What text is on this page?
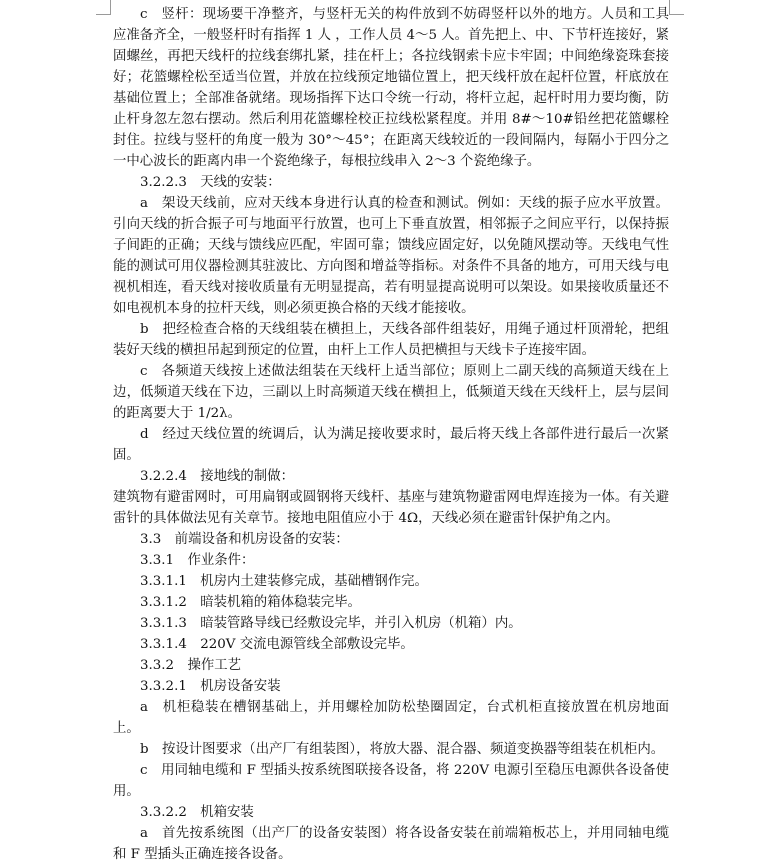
c　竖杆：现场要干净整齐，与竖杆无关的构件放到不妨碍竖杆以外的地方。人员和工具应准备齐全，一般竖杆时有指挥 1 人 ，工作人员 4～5 人。首先把上、中、下节杆连接好，紧固螺丝，再把天线杆的拉线套绑扎紧，挂在杆上；各拉线钢索卡应卡牢固；中间绝缘瓷珠套接好；花篮螺栓松至适当位置，并放在拉线预定地锚位置上，把天线杆放在起杆位置，杆底放在基础位置上；全部准备就绪。现场指挥下达口令统一行动，将杆立起，起杆时用力要均衡，防止杆身忽左忽右摆动。然后利用花篮螺栓校正拉线松紧程度。并用 8#～10#铅丝把花篮螺栓封住。拉线与竖杆的角度一般为 30°～45°；在距离天线较近的一段间隔内，每隔小于四分之一中心波长的距离内串一个瓷绝缘子，每根拉线串入 2～3 个瓷绝缘子。

3.2.2.3　天线的安装：

a　架设天线前，应对天线本身进行认真的检查和测试。例如：天线的振子应水平放置。引向天线的折合振子可与地面平行放置，也可上下垂直放置，相邻振子之间应平行，以保持振子间距的正确；天线与馈线应匹配，牢固可靠；馈线应固定好，以免随风摆动等。天线电气性能的测试可用仪器检测其驻波比、方向图和增益等指标。对条件不具备的地方，可用天线与电视机相连，看天线对接收质量有无明显提高，若有明显提高说明可以架设。如果接收质量还不如电视机本身的拉杆天线，则必须更换合格的天线才能接收。

b　把经检查合格的天线组装在横担上，天线各部件组装好，用绳子通过杆顶滑轮，把组装好天线的横担吊起到预定的位置，由杆上工作人员把横担与天线卡子连接牢固。

c　各频道天线按上述做法组装在天线杆上适当部位；原则上二副天线的高频道天线在上边，低频道天线在下边，三副以上时高频道天线在横担上，低频道天线在天线杆上，层与层间的距离要大于 1/2λ。

d　经过天线位置的统调后，认为满足接收要求时，最后将天线上各部件进行最后一次紧固。

3.2.2.4　接地线的制做：

建筑物有避雷网时，可用扁钢或圆钢将天线杆、基座与建筑物避雷网电焊连接为一体。有关避雷针的具体做法见有关章节。接地电阻值应小于 4Ω，天线必须在避雷针保护角之内。

3.3　前端设备和机房设备的安装：

3.3.1　作业条件：

3.3.1.1　机房内土建装修完成，基础槽钢作完。

3.3.1.2　暗装机箱的箱体稳装完毕。

3.3.1.3　暗装管路导线已经敷设完毕，并引入机房（机箱）内。

3.3.1.4　220V 交流电源管线全部敷设完毕。

3.3.2　操作工艺

3.3.2.1　机房设备安装

a　机柜稳装在槽钢基础上，并用螺栓加防松垫圈固定，台式机柜直接放置在机房地面上。

b　按设计图要求（出产厂有组装图），将放大器、混合器、频道变换器等组装在机柜内。

c　用同轴电缆和 F 型插头按系统图联接各设备，将 220V 电源引至稳压电源供各设备使用。

3.3.2.2　机箱安装

a　首先按系统图（出产厂的设备安装图）将各设备安装在前端箱板芯上，并用同轴电缆和 F 型插头正确连接各设备。
